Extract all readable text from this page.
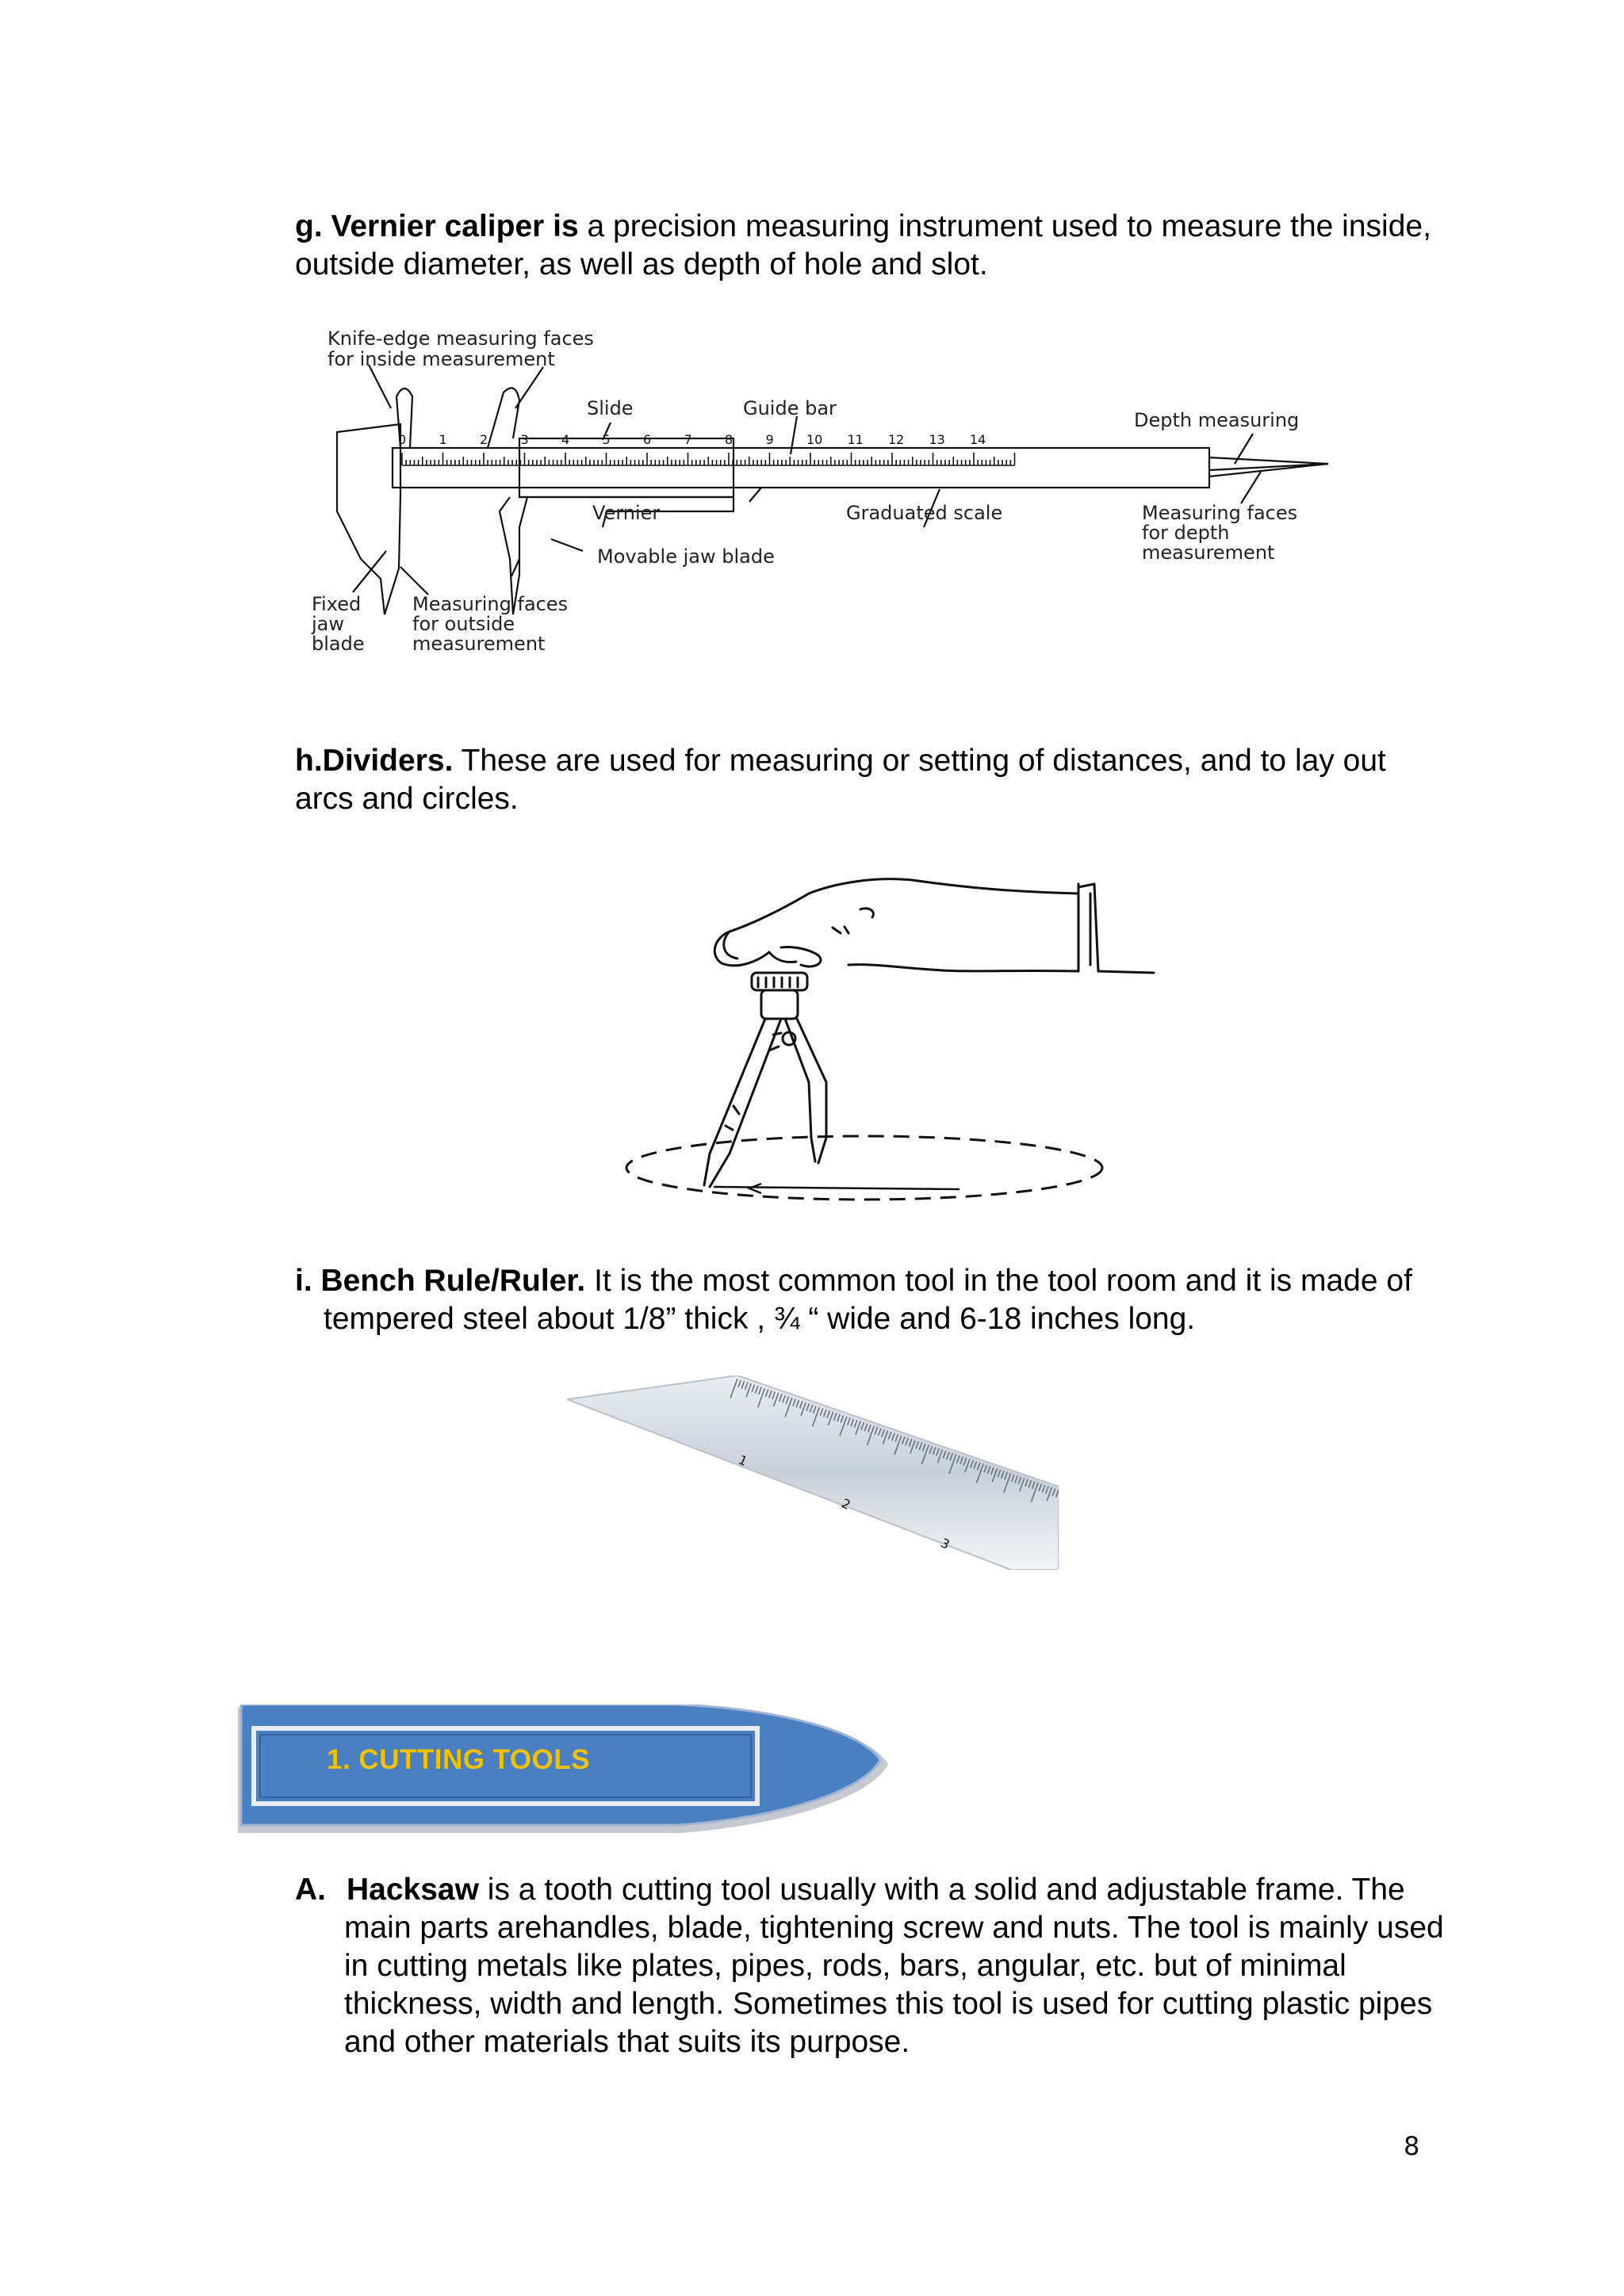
g. Vernier caliper is a precision measuring instrument used to measure the inside, outside diameter, as well as depth of hole and slot.
0	1	2	3	4	5	6	7	8	9	10 11 12 13 14
Knife-edge measuring faces
for inside measurement
Slide	Guide bar
Depth measuring
Vernier	Graduated scale	Measuring faces
for depth
measurement
Movable jaw blade
Fixed
jaw
blade
Measuring faces
for outside
measurement
h.Dividers. These are used for measuring or setting of distances, and to lay out arcs and circles.
i. Bench Rule/Ruler. It is the most common tool in the tool room and it is made of tempered steel about 1/8” thick , ¾ “ wide and 6-18 inches long.
1
2
3
1. CUTTING TOOLS
A. Hacksaw is a tooth cutting tool usually with a solid and adjustable frame. The main parts arehandles, blade, tightening screw and nuts. The tool is mainly used in cutting metals like plates, pipes, rods, bars, angular, etc. but of minimal thickness, width and length. Sometimes this tool is used for cutting plastic pipes and other materials that suits its purpose.
8
